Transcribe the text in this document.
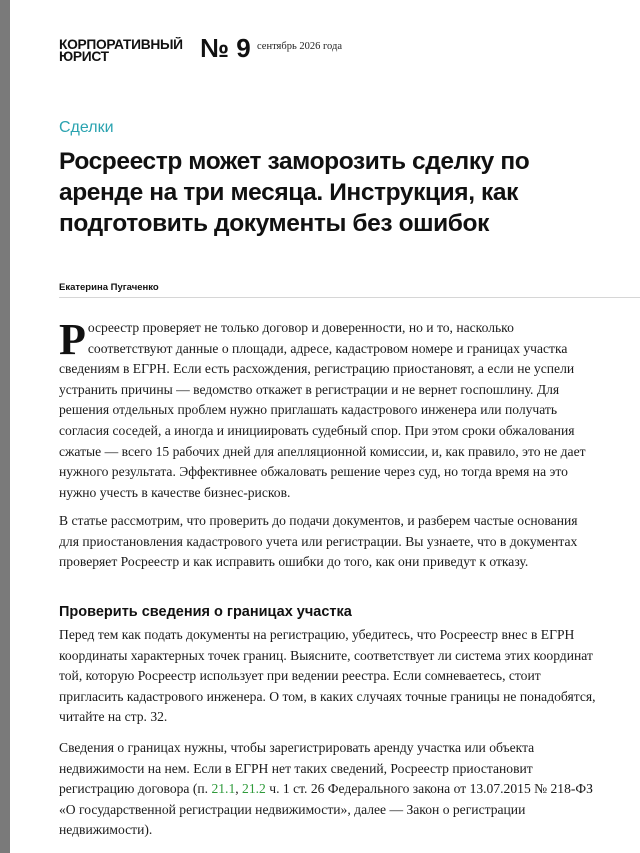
КОРПОРАТИВНЫЙ
ЮРИСТ	№ 9 сентябрь 2026 года
Сделки
Росреестр может заморозить сделку по аренде на три месяца. Инструкция, как подготовить документы без ошибок
Екатерина Пугаченко

Росреестр проверяет не только договор и доверенности, но и то, насколько соответствуют данные о площади, адресе, кадастровом номере и границах участка сведениям в ЕГРН. Если есть расхождения, регистрацию приостановят, а если не успели устранить причины — ведомство откажет в регистрации и не вернет госпошлину. Для решения отдельных проблем нужно приглашать кадастрового инженера или получать согласия соседей, а иногда и инициировать судебный спор. При этом сроки обжалования сжатые — всего 15 рабочих дней для апелляционной комиссии, и, как правило, это не дает нужного результата. Эффективнее обжаловать решение через суд, но тогда время на это нужно учесть в качестве бизнес-рисков.

В статье рассмотрим, что проверить до подачи документов, и разберем частые основания для приостановления кадастрового учета или регистрации. Вы узнаете, что в документах проверяет Росреестр и как исправить ошибки до того, как они приведут к отказу.

Проверить сведения о границах участка

Перед тем как подать документы на регистрацию, убедитесь, что Росреестр внес в ЕГРН координаты характерных точек границ. Выясните, соответствует ли система этих координат той, которую Росреестр использует при ведении реестра. Если сомневаетесь, стоит пригласить кадастрового инженера. О том, в каких случаях точные границы не понадобятся, читайте на стр. 32.

Сведения о границах нужны, чтобы зарегистрировать аренду участка или объекта недвижимости на нем. Если в ЕГРН нет таких сведений, Росреестр приостановит регистрацию договора (п. 21.1, 21.2 ч. 1 ст. 26 Федерального закона от 13.07.2015 № 218-ФЗ «О государственной регистрации недвижимости», далее — Закон о регистрации недвижимости).
